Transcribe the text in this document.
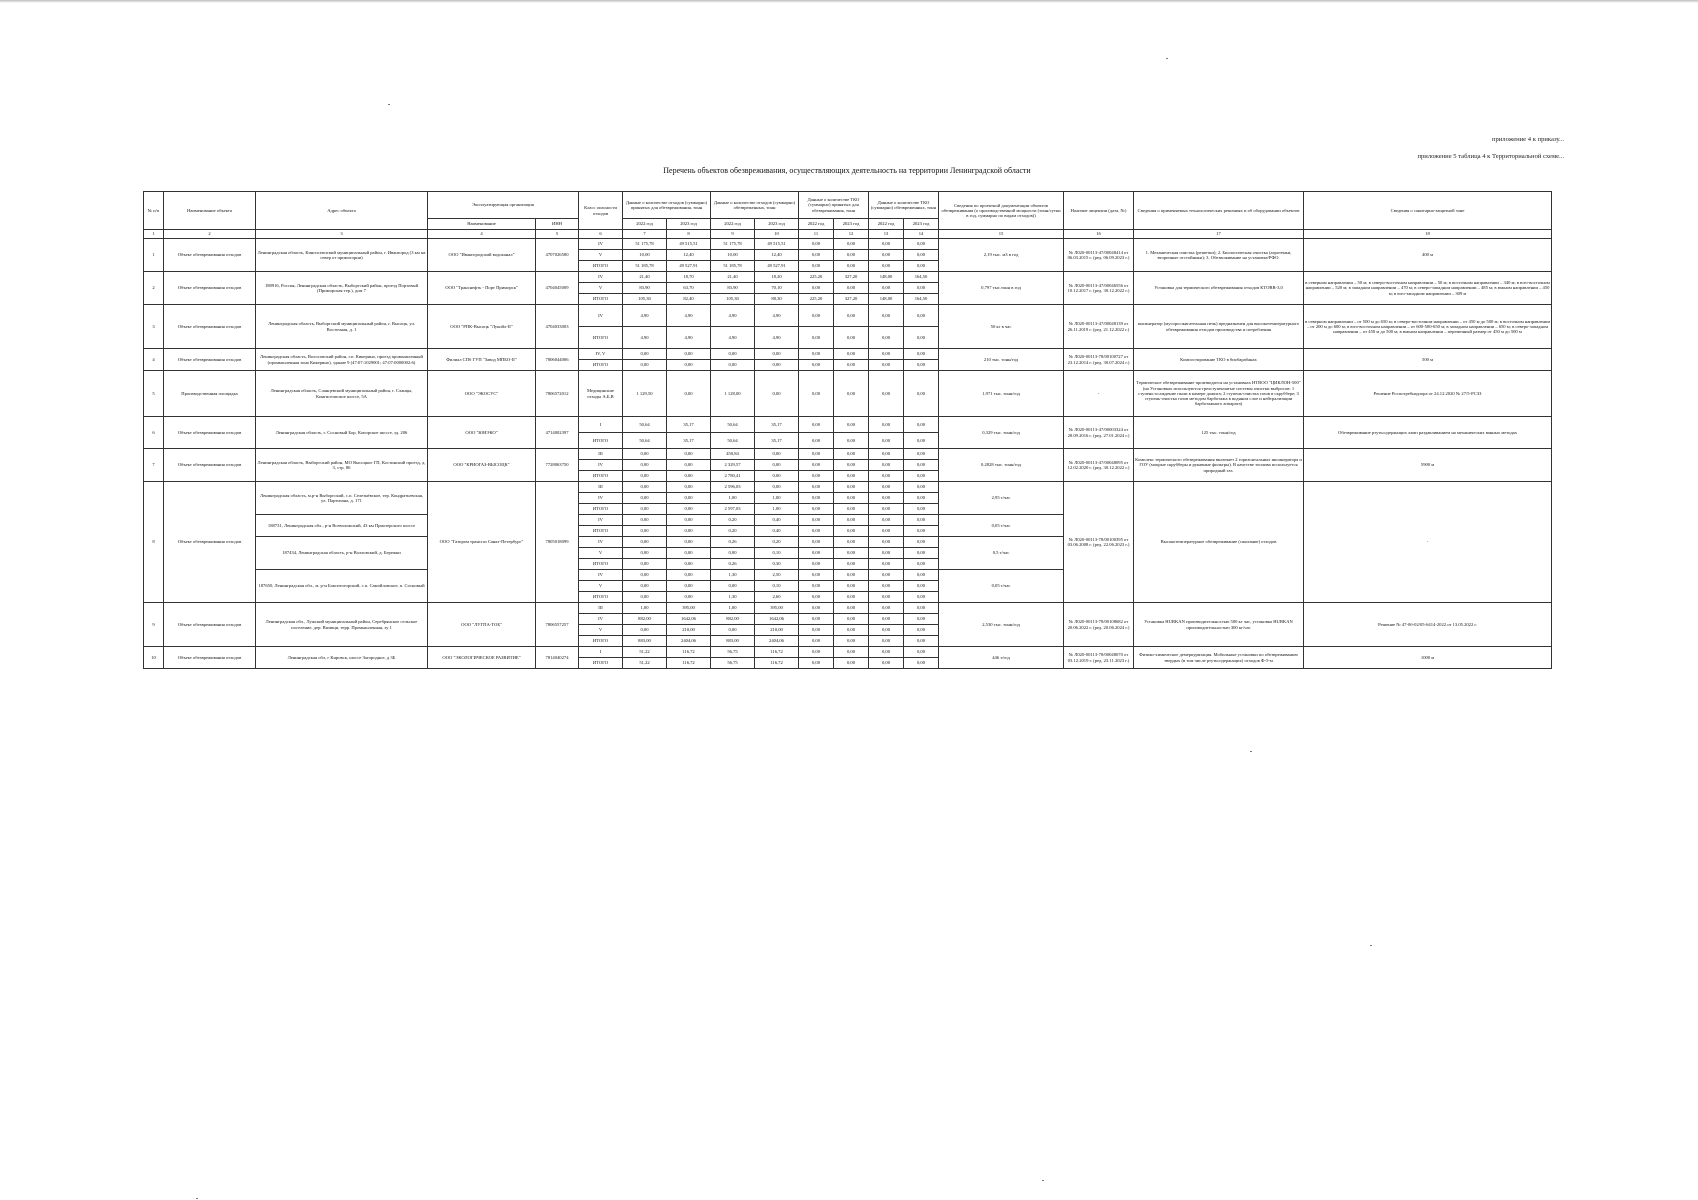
приложение 4 к приказу...
приложение 5 таблица 4 к Территориальной схеме...
Перечень объектов обезвреживания, осуществляющих деятельность на территории Ленинградской области
№ п/п	Наименование объекта	Адрес объекта	Эксплуатирующая организация		Класс опасности отходов	Данные о количестве отходов (суммарно) принятых для обезвреживания, тонн		Данные о количестве отходов (суммарно) обезвреженных, тонн		Данные о количестве ТКО (суммарно) принятых для обезвреживания, тонн		Данные о количестве ТКО (суммарно) обезвреженных, тонн		Сведения по проектной документации объектов обезвреживания (о производственной мощности (тонн/сутки в год, суммарно по видам отходов))	Наличие лицензии (дата, №)	Сведения о применяемых технологических решениях и об оборудовании объектов	Сведения о санитарно-защитной зоне
			Наименование	ИНН		2022 год	2023 год	2022 год	2023 год	2022 год	2023 год	2022 год	2023 год				
1	2	3	4	5	6	7	8	9	10	11	12	13	14	15	16	17	18
1	Объект обезвреживания отходов	Ленинградская область, Кингисеппский муниципальный район, г. Ивангород (3 км на север от примогории)	ООО "Ивангородский водоканал"	4707026580	IV	51 175,78	49 515,51	51 175,78	49 515,51	0,00	0,00	0,00	0,00	2,19 тыс. м3 в год	№ Л020-00113-47/00048414 от 06.03.2015 г. (ред. 06.09.2023 г.)	1. Механическая очистка (решетки); 2. Биологическая очистка (аэротенки, вторичные отстойники); 3. Обезвоживание на установке/РФО.	400 м
					V	10,00	12,40	10,00	12,40	0,00	0,00	0,00	0,00				
					ИТОГО	51 185,78	49 527,91	51 185,78	49 527,91	0,00	0,00	0,00	0,00				
2	Объект обезвреживания отходов	188916, Россия, Ленинградская область, Выборгский район, проезд Портовый (Приморская тер.), дом 7	ООО "Транснефть - Порт Приморск"	4704045009	IV	21,40	18,70	21,40	18,20	225,20	327,20	148,00	164,50	0,797 тыс.тонн в год	№ Л020-00113-47/00046556 от 10.12.2017 г. (ред. 30.12.2022 г.)	Установка для термического обезвреживания отходов КТОВВ-3,0	в северном направлении – 50 м; в северо-восточном направлении – 50 м; в восточном направлении – 340 м; в юго-восточном направлении – 520 м; в западном направлении – 470 м; в северо-западном направлении – 485 м; в южном направлении – 450 м; в юго-западном направлении – 309 м
					V	83,90	63,70	83,90	70,10	0,00	0,00	0,00	0,00				
					ИТОГО	105,30	82,40	105,30	88,30	225,20	327,20	148,00	164,50				
3	Объект обезвреживания отходов	Ленинградская область, Выборгский муниципальный район, г. Высоцк, ул. Восточная, д. 1	ООО "РПК-Высоцк "Лукойл-II"	4704033003	IV	4,90	4,90	4,90	4,90	0,00	0,00	0,00	0,00	50 кг в час	№ Л020-00113-47/00048139 от 26.11.2019 г. (ред. 21.12.2022 г.)	инсинератор (мусоросжигательная печь) предназначен для высокотемпературного обезвреживания отходов производства и потребления	в северном направлении – от 500 м до 650 м; в северо-восточном направлении – от 450 м до 500 м; в восточном направлении – от 200 м до 600 м; в юго-восточном направлении – от 600-500-650 м; в западном направлении – 650 м; в северо-западном направлении – от 450 м до 500 м; в южном направлении – переменный размер от 450 м до 500 м
					ИТОГО	4,90	4,90	4,90	4,90	0,00	0,00	0,00	0,00				
4	Объект обезвреживания отходов	Ленинградская область, Волосовский район, г.п. Кикерино, проезд промышленный (промышленная зона Кикерино), здание 9 (47:07:1029001; 47:07:0000002:6)	Филиал СПб ГУП "Завод МПБО-II"	7806044006	IV, V	0,00	0,00	0,00	0,00	0,00	0,00	0,00	0,00	210 тыс. тонн/год	№ Л020-00113-78/00100727 от 23.12.2014 г. (ред. 30.07.2024 г.)	Компостирование ТКО в биобарабанах	500 м
					ИТОГО	0,00	0,00	0,00	0,00	0,00	0,00	0,00	0,00				
5	Производственная площадка	Ленинградская область, Сланцевский муниципальный район, г. Сланцы, Кингисеппское шоссе, 5А	ООО "ЭКОСУС"	7806572012	Медицинские отходы А,Б,В	1 129,50	0,00	1 128,00	0,00	0,00	0,00	0,00	0,00	1,971 тыс. тонн/год	-	Термическое обезвреживание производится на установках НТВОО "ЦИКЛОН-500" (на Установках используются трехступенчатые системы очистки выбросов: 1 ступень-осаждение пыли в камере дожига; 2 ступень-очистка газов в скруббере; 3 ступень-очистка газов методом барботажа в водяном слое и нейтрализации барботажного аппарата)	Решение Роспотребнадзора от 24.12.2020 № 27/5-РСЗЗ
6	Объект обезвреживания отходов	Ленинградская область, г. Сосновый Бор, Копорское шоссе, зд. 206	ООО "ЮНЭКО"	4714002397	I	50,64	35,17	50,64	35,17	0,00	0,00	0,00	0,00	0,329 тыс. тонн/год	№ Л020-00113-47/00003324 от 28.09.2016 г. (ред. 27.01.2024 г.)	125 тыс. тонн/год	Обезвреживание ртутьсодержащих ламп раздавливанием на механических ванных методах
					ИТОГО	50,64	35,17	50,64	35,17	0,00	0,00	0,00	0,00				
7	Объект обезвреживания отходов	Ленинградская область, Выборгский район, МО Высоцкое ГП, Костинский проезд, д. 3, стр. 86	ООО "КРИОГАЗ-ВЫСОЦК"	7728063750	III	0,00	0,00	450,84	0,00	0,00	0,00	0,00	0,00	0,2828 тыс. тонн/год	№ Л020-00113-47/00048095 от 12.02.2020 г. (ред. 30.12.2022 г.)	Комплекс термического обезвреживания включает 2 горизонтальных инсинератора и ГОУ (мокрые скрубберы и рукавные фильтры). В качестве топлива используется природный газ.	5900 м
					IV	0,00	0,00	2 329,57	0,00	0,00	0,00	0,00	0,00				
					ИТОГО	0,00	0,00	2 780,41	0,00	0,00	0,00	0,00	0,00				
8	Объект обезвреживания отходов	Ленинградская область, м.р-н Выборгский, с.п. Селезнёвское, тер. Кондратьевская, ул. Партизана, д. 171	ООО "Газпром трансгаз Санкт-Петербург"	7805018099	III	0,00	0,00	2 596,03	0,00	0,00	0,00	0,00	0,00	2,95 т/час	№ Л020-00113-78/00100395 от 03.06.2008 г. (ред. 22.06.2023 г.)	Высокотемпературное обезвреживание (сжигание) отходов	-
					IV	0,00	0,00	1,00	1,00	0,00	0,00	0,00	0,00				
					ИТОГО	0,00	0,00	2 597,03	1,00	0,00	0,00	0,00	0,00				
		188731, Ленинградская обл., р-н Всеволожский, 43 км Приозерского шоссе			IV	0,00	0,00	0,20	0,40	0,00	0,00	0,00	0,00	0,05 т/час			
					ИТОГО	0,00	0,00	0,20	0,40	0,00	0,00	0,00	0,00				
		187434, Ленинградская область, р-н Волховский, д. Бережки			IV	0,00	0,00	0,26	0,20	0,00	0,00	0,00	0,00	0,5 т/час			
					V	0,00	0,00	0,00	0,10	0,00	0,00	0,00	0,00				
					ИТОГО	0,00	0,00	0,26	0,30	0,00	0,00	0,00	0,00				
		187650, Ленинградская обл., м. р-н Бокситогорский, с.п. Самойловское, п. Сосновый			IV	0,00	0,00	1,30	2,50	0,00	0,00	0,00	0,00	0,05 т/час			
					V	0,00	0,00	0,00	0,10	0,00	0,00	0,00	0,00				
					ИТОГО	0,00	0,00	1,30	2,60	0,00	0,00	0,00	0,00				
9	Объект обезвреживания отходов	Ленинградская обл., Лужский муниципальный район, Серебрянское сельское поселение, дер. Вязищи, терр. Промышленная, зу 1	ООО "ЛУГПА-ТОБ"	7806557257	III	1,00	395,00	1,00	395,00	0,00	0,00	0,00	0,00	2,530 тыс. тонн/год	№ Л020-00113-78/00108682 от 20.06.2022 г. (ред. 20.06.2024 г.)	Установка HUBKAN производительностью 500 кг час, установка HUBKAN производительностью 300 кг/час	Решение № 47-0б-02/05-6414-2022 от 13.05.2022 г.
					IV	882,00	1642,06	882,00	1642,06	0,00	0,00	0,00	0,00				
					V	0,00	210,00	0,00	210,00	0,00	0,00	0,00	0,00				
					ИТОГО	883,00	2404,06	883,00	2404,06	0,00	0,00	0,00	0,00				
10	Объект обезвреживания отходов	Ленинградская обл, г Кировск, шоссе Загородное, д 3Б	ООО "ЭКОЛОГИЧЕСКОЕ РАЗВИТИЕ"	7814040274	I	51,22	116,72	56,75	116,72	0,00	0,00	0,00	0,00	446 т/год	№ Л020-00113-78/00048070 от 03.12.2019 г. (ред. 23.11.2023 г.)	Физико-химическое демеркуризация. Мобильные установки по обезвреживанию твердых (в том числе ртутьсодержащих) отходов Ф-5-м	1000 м
					ИТОГО	51,22	116,72	56,75	116,72	0,00	0,00	0,00	0,00				
